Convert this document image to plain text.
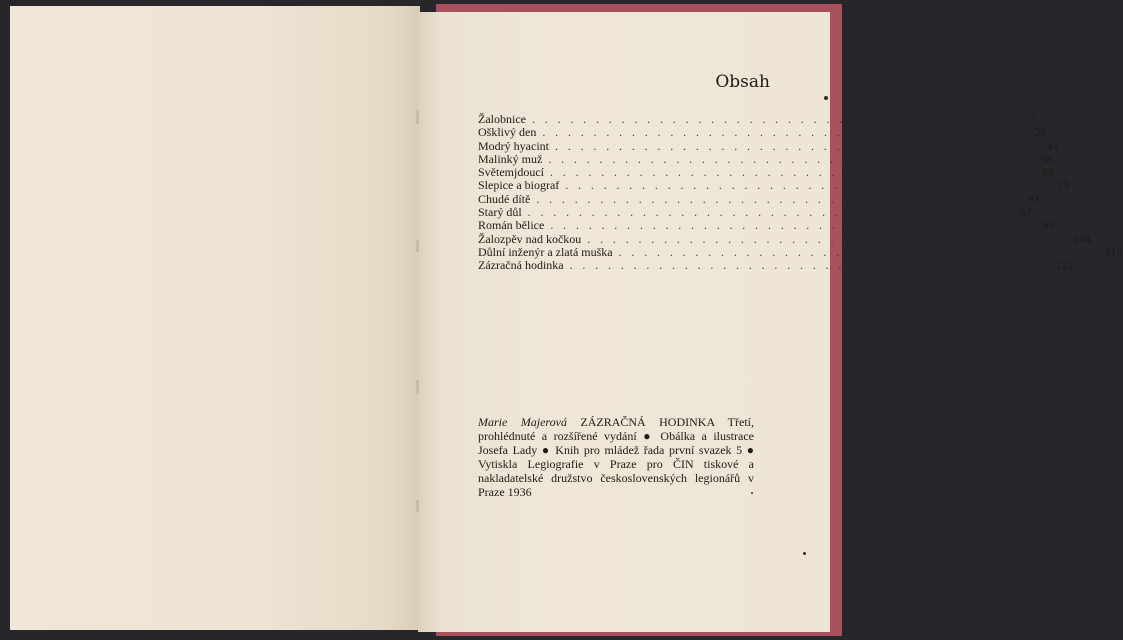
Obsah
Žalobnice . . . . . . . . . . . . . . . . . . . . . . . . . . . . . . . . . . . . . .	7
Ošklivý den . . . . . . . . . . . . . . . . . . . . . . . . . . . . . . . . . . . . . .	29
Modrý hyacint . . . . . . . . . . . . . . . . . . . . . . . . . . . . . . . . . . . . . .	41
Malinký muž . . . . . . . . . . . . . . . . . . . . . . . . . . . . . . . . . . . . . .	58
Světemjdoucí . . . . . . . . . . . . . . . . . . . . . . . . . . . . . . . . . . . . . .	68
Slepice a biograf . . . . . . . . . . . . . . . . . . . . . . . . . . . . . . . . . . . . . .	75
Chudé dítě . . . . . . . . . . . . . . . . . . . . . . . . . . . . . . . . . . . . . .	81
Starý důl . . . . . . . . . . . . . . . . . . . . . . . . . . . . . . . . . . . . . .	87
Román bělice . . . . . . . . . . . . . . . . . . . . . . . . . . . . . . . . . . . . . .	95
Žalozpěv nad kočkou . . . . . . . . . . . . . . . . . . . . . . . . . . . . . . . . . . . . . . 104
Důlní inženýr a zlatá muška . . . . . . . . . . . . . . . . . . . . . . . . . . . . . . . . . . . . . . 113
Zázračná hodinka . . . . . . . . . . . . . . . . . . . . . . . . . . . . . . . . . . . . . . 122
Marie Majerová ZÁZRAČNÁ HODINKA Třetí, prohlédnuté a rozšířené vydání ● Obálka a ilustrace Josefa Lady ● Knih pro mládež řada první svazek 5 ● Vytiskla Legiografie v Praze pro ČIN tiskové a nakladatelské družstvo československých legionářů v Praze 1936
